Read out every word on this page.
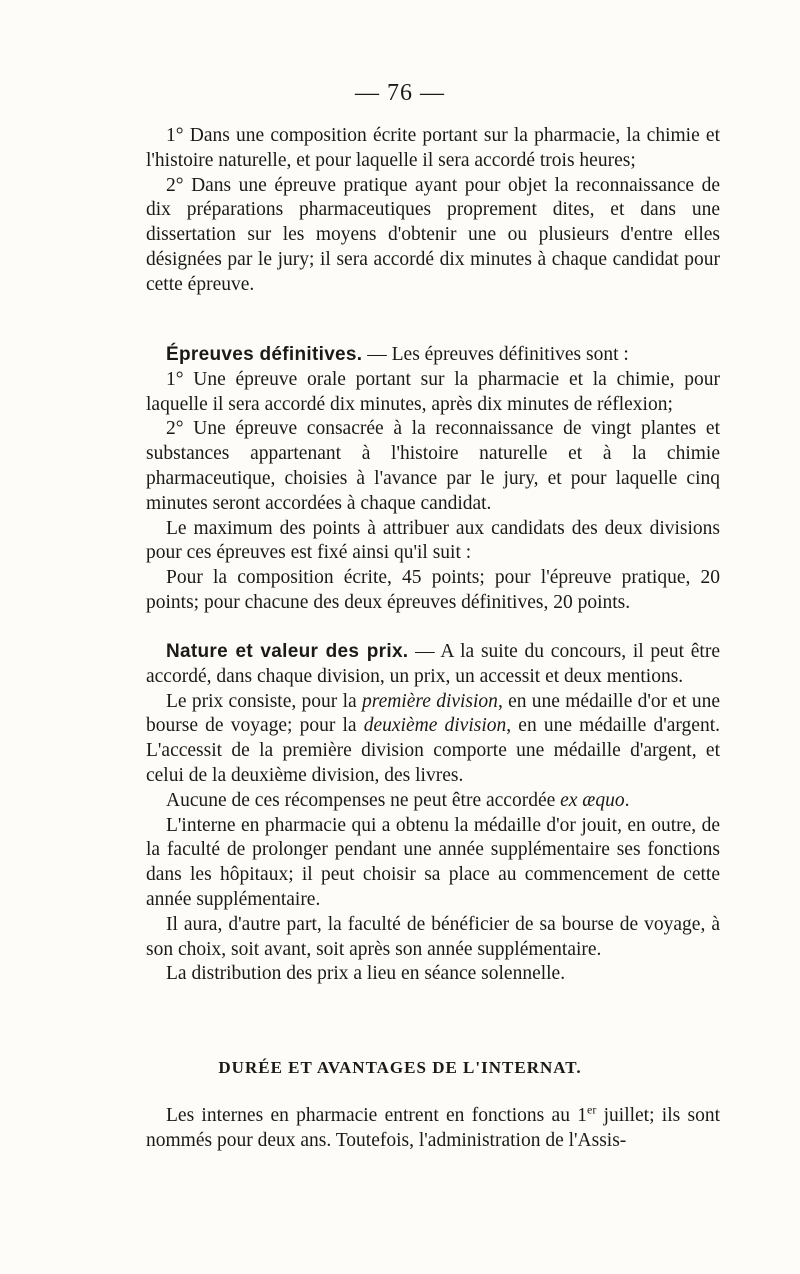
— 76 —

1° Dans une composition écrite portant sur la pharmacie, la chimie et l'histoire naturelle, et pour laquelle il sera accordé trois heures;

2° Dans une épreuve pratique ayant pour objet la reconnaissance de dix préparations pharmaceutiques proprement dites, et dans une dissertation sur les moyens d'obtenir une ou plusieurs d'entre elles désignées par le jury; il sera accordé dix minutes à chaque candidat pour cette épreuve.

Épreuves définitives. — Les épreuves définitives sont :

1° Une épreuve orale portant sur la pharmacie et la chimie, pour laquelle il sera accordé dix minutes, après dix minutes de réflexion;

2° Une épreuve consacrée à la reconnaissance de vingt plantes et substances appartenant à l'histoire naturelle et à la chimie pharmaceutique, choisies à l'avance par le jury, et pour laquelle cinq minutes seront accordées à chaque candidat.

Le maximum des points à attribuer aux candidats des deux divisions pour ces épreuves est fixé ainsi qu'il suit :

Pour la composition écrite, 45 points; pour l'épreuve pratique, 20 points; pour chacune des deux épreuves définitives, 20 points.

Nature et valeur des prix. — A la suite du concours, il peut être accordé, dans chaque division, un prix, un accessit et deux mentions.

Le prix consiste, pour la première division, en une médaille d'or et une bourse de voyage; pour la deuxième division, en une médaille d'argent. L'accessit de la première division comporte une médaille d'argent, et celui de la deuxième division, des livres.

Aucune de ces récompenses ne peut être accordée ex æquo.

L'interne en pharmacie qui a obtenu la médaille d'or jouit, en outre, de la faculté de prolonger pendant une année supplémentaire ses fonctions dans les hôpitaux; il peut choisir sa place au commencement de cette année supplémentaire.

Il aura, d'autre part, la faculté de bénéficier de sa bourse de voyage, à son choix, soit avant, soit après son année supplémentaire.

La distribution des prix a lieu en séance solennelle.

DURÉE ET AVANTAGES DE L'INTERNAT.

Les internes en pharmacie entrent en fonctions au 1er juillet; ils sont nommés pour deux ans. Toutefois, l'administration de l'Assis-
